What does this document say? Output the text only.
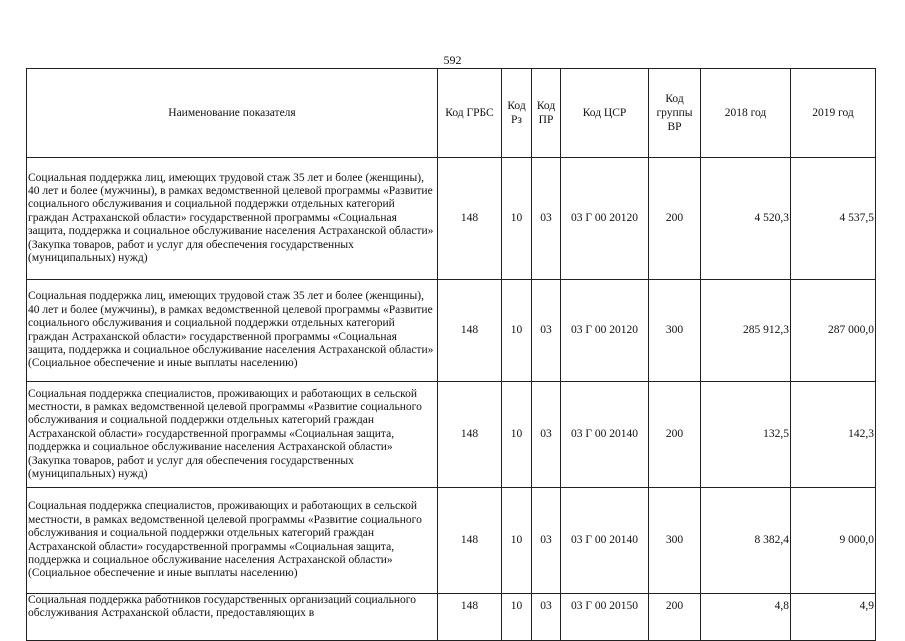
592
Наименование показателя	Код ГРБС	Код Рз	Код ПР	Код ЦСР	Код группы ВР	2018 год	2019 год
Социальная поддержка лиц, имеющих трудовой стаж 35 лет и более (женщины), 40 лет и более (мужчины), в рамках ведомственной целевой программы «Развитие социального обслуживания и социальной поддержки отдельных категорий граждан Астраханской области» государственной программы «Социальная защита, поддержка и социальное обслуживание населения Астраханской области» (Закупка товаров, работ и услуг для обеспечения государственных (муниципальных) нужд)	148	10	03	03 Г 00 20120	200	4 520,3	4 537,5
Социальная поддержка лиц, имеющих трудовой стаж 35 лет и более (женщины), 40 лет и более (мужчины), в рамках ведомственной целевой программы «Развитие социального обслуживания и социальной поддержки отдельных категорий граждан Астраханской области» государственной программы «Социальная защита, поддержка и социальное обслуживание населения Астраханской области» (Социальное обеспечение и иные выплаты населению)	148	10	03	03 Г 00 20120	300	285 912,3	287 000,0
Социальная поддержка специалистов, проживающих и работающих в сельской местности, в рамках ведомственной целевой программы «Развитие социального обслуживания и социальной поддержки отдельных категорий граждан Астраханской области» государственной программы «Социальная защита, поддержка и социальное обслуживание населения Астраханской области» (Закупка товаров, работ и услуг для обеспечения государственных (муниципальных) нужд)	148	10	03	03 Г 00 20140	200	132,5	142,3
Социальная поддержка специалистов, проживающих и работающих в сельской местности, в рамках ведомственной целевой программы «Развитие социального обслуживания и социальной поддержки отдельных категорий граждан Астраханской области» государственной программы «Социальная защита, поддержка и социальное обслуживание населения Астраханской области» (Социальное обеспечение и иные выплаты населению)	148	10	03	03 Г 00 20140	300	8 382,4	9 000,0
Социальная поддержка работников государственных организаций социального обслуживания Астраханской области, предоставляющих в	148	10	03	03 Г 00 20150	200	4,8	4,9
